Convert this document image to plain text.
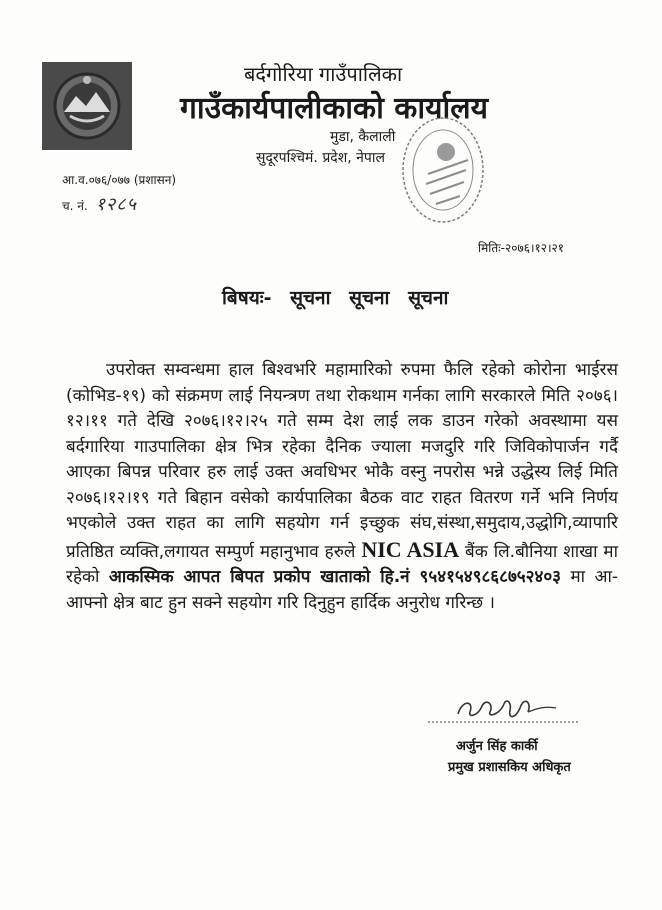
बर्दगोरिया गाउँपालिका
गाउँकार्यपालीकाको कार्यालय
मुडा, कैलाली
सुदूरपश्चिमं. प्रदेश, नेपाल
आ.व.०७६/०७७ (प्रशासन)
च. नं. १२८५
मितिः-२०७६।१२।२१
बिषयः- सूचना सूचना सूचना
उपरोक्त सम्वन्धमा हाल बिश्वभरि महामारिको रुपमा फैलि रहेको कोरोना भाईरस (कोभिड-१९) को संक्रमण लाई नियन्त्रण तथा रोकथाम गर्नका लागि सरकारले मिति २०७६।१२।११ गते देखि २०७६।१२।२५ गते सम्म देश लाई लक डाउन गरेको अवस्थामा यस बर्दगारिया गाउपालिका क्षेत्र भित्र रहेका दैनिक ज्याला मजदुरि गरि जिविकोपार्जन गर्दै आएका बिपन्न परिवार हरु लाई उक्त अवधिभर भोकै वस्नु नपरोस भन्ने उद्धेस्य लिई मिति २०७६।१२।१९ गते बिहान वसेको कार्यपालिका बैठक वाट राहत वितरण गर्ने भनि निर्णय भएकोले उक्त राहत का लागि सहयोग गर्न इच्छुक संघ,संस्था,समुदाय,उद्धोगि,व्यापारि प्रतिष्ठित व्यक्ति,लगायत सम्पुर्ण महानुभाव हरुले NIC ASIA बैंक लि.बौनिया शाखा मा रहेको आकस्मिक आपत बिपत प्रकोप खाताको हि.नं ९५४१५४९८६८७५२४०३ मा आ-आफ्नो क्षेत्र बाट हुन सक्ने सहयोग गरि दिनुहुन हार्दिक अनुरोध गरिन्छ ।
अर्जुन सिंह कार्की
प्रमुख प्रशासकिय अधिकृत
